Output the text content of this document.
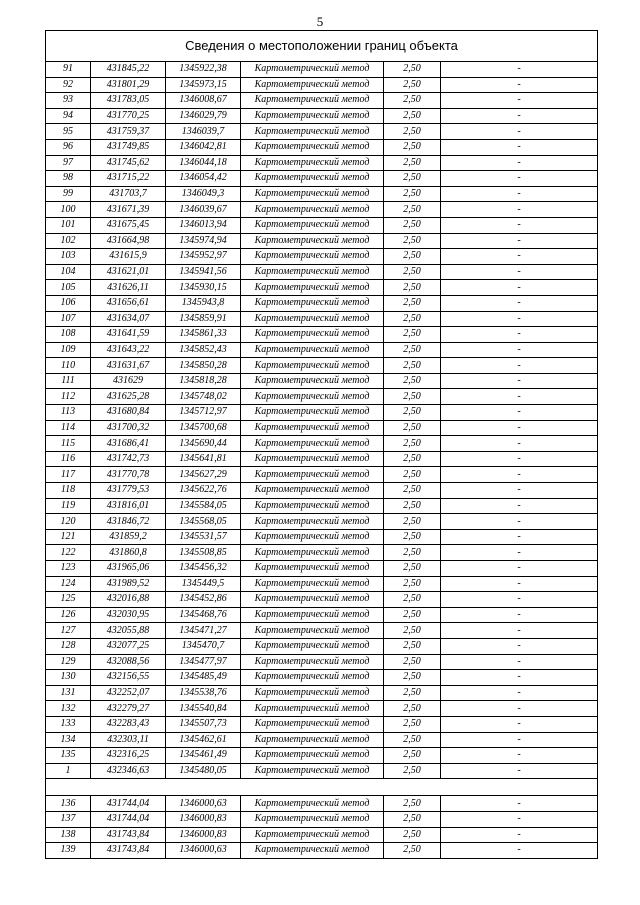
5
Сведения о местоположении границ объекта					
91	431845,22	1345922,38	Картометрический метод	2,50	-
92	431801,29	1345973,15	Картометрический метод	2,50	-
93	431783,05	1346008,67	Картометрический метод	2,50	-
94	431770,25	1346029,79	Картометрический метод	2,50	-
95	431759,37	1346039,7	Картометрический метод	2,50	-
96	431749,85	1346042,81	Картометрический метод	2,50	-
97	431745,62	1346044,18	Картометрический метод	2,50	-
98	431715,22	1346054,42	Картометрический метод	2,50	-
99	431703,7	1346049,3	Картометрический метод	2,50	-
100	431671,39	1346039,67	Картометрический метод	2,50	-
101	431675,45	1346013,94	Картометрический метод	2,50	-
102	431664,98	1345974,94	Картометрический метод	2,50	-
103	431615,9	1345952,97	Картометрический метод	2,50	-
104	431621,01	1345941,56	Картометрический метод	2,50	-
105	431626,11	1345930,15	Картометрический метод	2,50	-
106	431656,61	1345943,8	Картометрический метод	2,50	-
107	431634,07	1345859,91	Картометрический метод	2,50	-
108	431641,59	1345861,33	Картометрический метод	2,50	-
109	431643,22	1345852,43	Картометрический метод	2,50	-
110	431631,67	1345850,28	Картометрический метод	2,50	-
111	431629	1345818,28	Картометрический метод	2,50	-
112	431625,28	1345748,02	Картометрический метод	2,50	-
113	431680,84	1345712,97	Картометрический метод	2,50	-
114	431700,32	1345700,68	Картометрический метод	2,50	-
115	431686,41	1345690,44	Картометрический метод	2,50	-
116	431742,73	1345641,81	Картометрический метод	2,50	-
117	431770,78	1345627,29	Картометрический метод	2,50	-
118	431779,53	1345622,76	Картометрический метод	2,50	-
119	431816,01	1345584,05	Картометрический метод	2,50	-
120	431846,72	1345568,05	Картометрический метод	2,50	-
121	431859,2	1345531,57	Картометрический метод	2,50	-
122	431860,8	1345508,85	Картометрический метод	2,50	-
123	431965,06	1345456,32	Картометрический метод	2,50	-
124	431989,52	1345449,5	Картометрический метод	2,50	-
125	432016,88	1345452,86	Картометрический метод	2,50	-
126	432030,95	1345468,76	Картометрический метод	2,50	-
127	432055,88	1345471,27	Картометрический метод	2,50	-
128	432077,25	1345470,7	Картометрический метод	2,50	-
129	432088,56	1345477,97	Картометрический метод	2,50	-
130	432156,55	1345485,49	Картометрический метод	2,50	-
131	432252,07	1345538,76	Картометрический метод	2,50	-
132	432279,27	1345540,84	Картометрический метод	2,50	-
133	432283,43	1345507,73	Картометрический метод	2,50	-
134	432303,11	1345462,61	Картометрический метод	2,50	-
135	432316,25	1345461,49	Картометрический метод	2,50	-
1	432346,63	1345480,05	Картометрический метод	2,50	-

136	431744,04	1346000,63	Картометрический метод	2,50	-
137	431744,04	1346000,83	Картометрический метод	2,50	-
138	431743,84	1346000,83	Картометрический метод	2,50	-
139	431743,84	1346000,63	Картометрический метод	2,50	-
